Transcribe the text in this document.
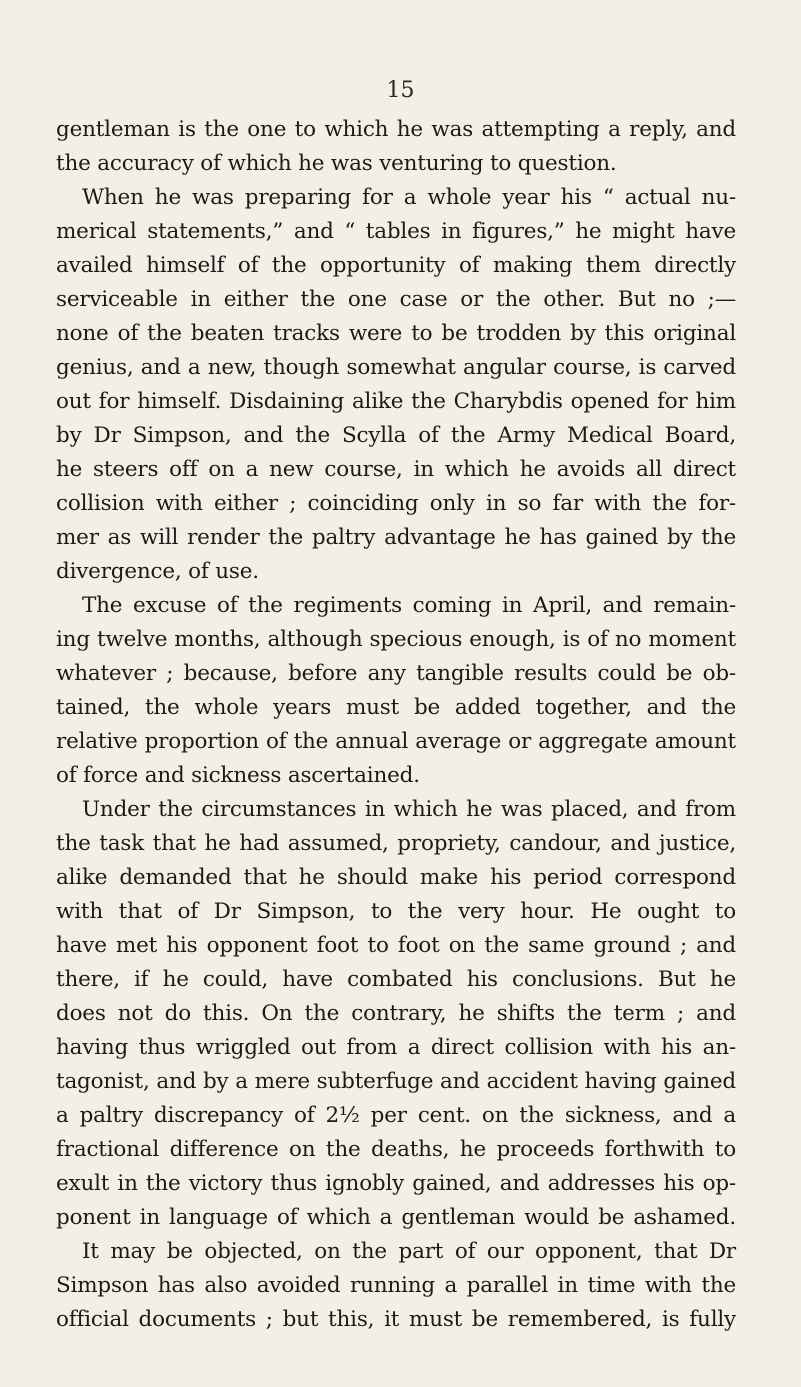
15
gentleman is the one to which he was attempting a reply, and
the accuracy of which he was venturing to question.
When he was preparing for a whole year his “ actual nu-
merical statements,” and “ tables in figures,” he might have
availed himself of the opportunity of making them directly
serviceable in either the one case or the other. But no ;—
none of the beaten tracks were to be trodden by this original
genius, and a new, though somewhat angular course, is carved
out for himself. Disdaining alike the Charybdis opened for him
by Dr Simpson, and the Scylla of the Army Medical Board,
he steers off on a new course, in which he avoids all direct
collision with either ; coinciding only in so far with the for-
mer as will render the paltry advantage he has gained by the
divergence, of use.
The excuse of the regiments coming in April, and remain-
ing twelve months, although specious enough, is of no moment
whatever ; because, before any tangible results could be ob-
tained, the whole years must be added together, and the
relative proportion of the annual average or aggregate amount
of force and sickness ascertained.
Under the circumstances in which he was placed, and from
the task that he had assumed, propriety, candour, and justice,
alike demanded that he should make his period correspond
with that of Dr Simpson, to the very hour. He ought to
have met his opponent foot to foot on the same ground ; and
there, if he could, have combated his conclusions. But he
does not do this. On the contrary, he shifts the term ; and
having thus wriggled out from a direct collision with his an-
tagonist, and by a mere subterfuge and accident having gained
a paltry discrepancy of 2½ per cent. on the sickness, and a
fractional difference on the deaths, he proceeds forthwith to
exult in the victory thus ignobly gained, and addresses his op-
ponent in language of which a gentleman would be ashamed.
It may be objected, on the part of our opponent, that Dr
Simpson has also avoided running a parallel in time with the
official documents ; but this, it must be remembered, is fully
